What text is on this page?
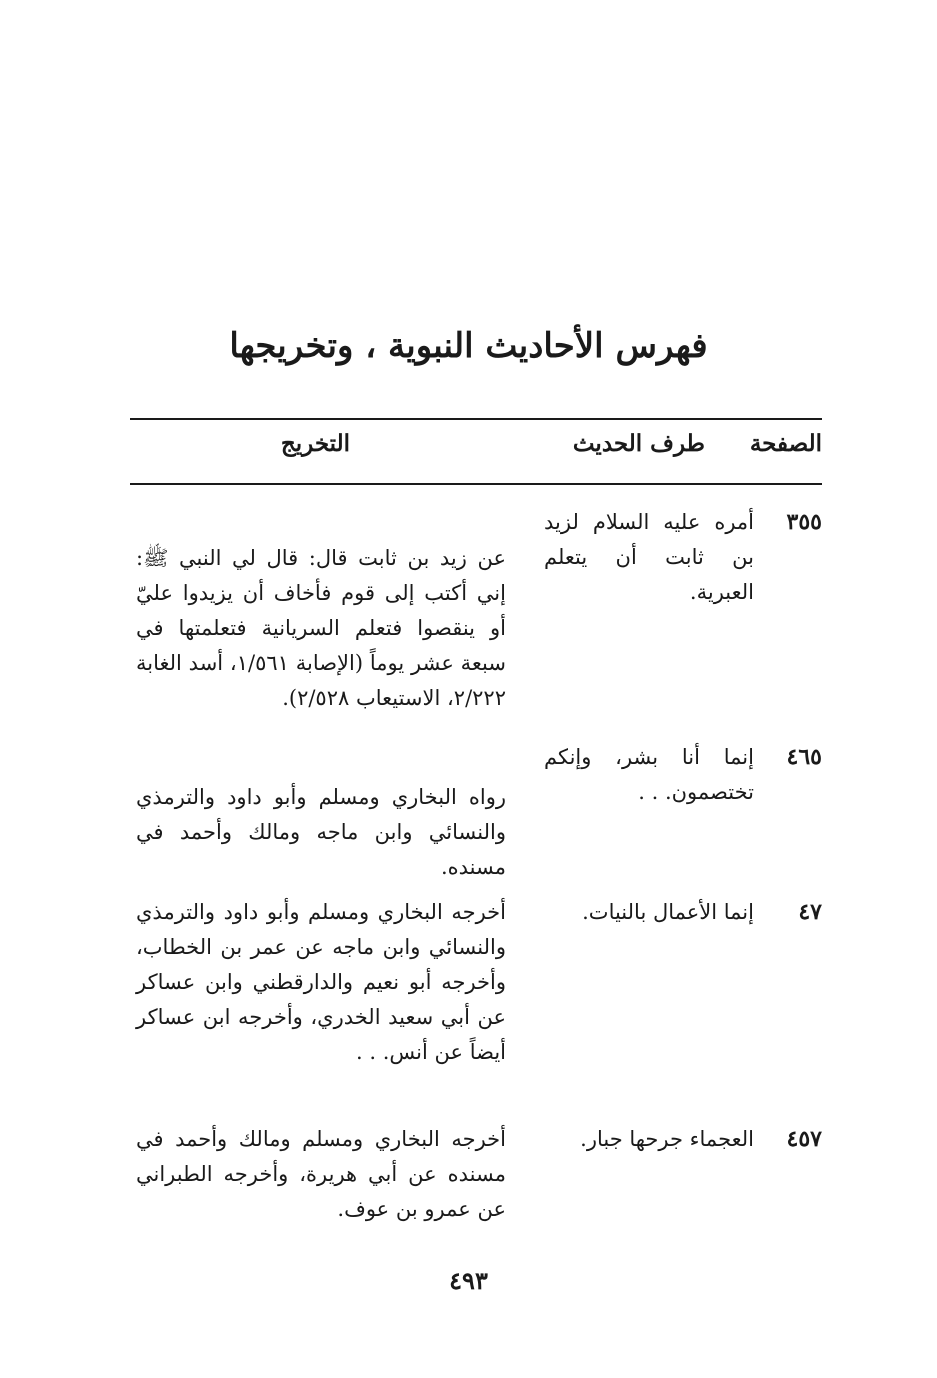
فهرس الأحاديث النبوية ، وتخريجها
الصفحة
طرف الحديث
التخريج
٣٥٥
أمره عليه السلام لزيد بن ثابت أن يتعلم العبرية.
عن زيد بن ثابت قال: قال لي النبي ﷺ: إني أكتب إلى قوم فأخاف أن يزيدوا عليّ أو ينقصوا فتعلم السريانية فتعلمتها في سبعة عشر يوماً (الإصابة ١/٥٦١، أسد الغابة ٢/٢٢٢، الاستيعاب ٢/٥٢٨).
٤٦٥
إنما أنا بشر، وإنكم تختصمون. . .
رواه البخاري ومسلم وأبو داود والترمذي والنسائي وابن ماجه ومالك وأحمد في مسنده.
٤٧
إنما الأعمال بالنيات.
أخرجه البخاري ومسلم وأبو داود والترمذي والنسائي وابن ماجه عن عمر بن الخطاب، وأخرجه أبو نعيم والدارقطني وابن عساكر عن أبي سعيد الخدري، وأخرجه ابن عساكر أيضاً عن أنس. . .
٤٥٧
العجماء جرحها جبار.
أخرجه البخاري ومسلم ومالك وأحمد في مسنده عن أبي هريرة، وأخرجه الطبراني عن عمرو بن عوف.
٤٩٣
